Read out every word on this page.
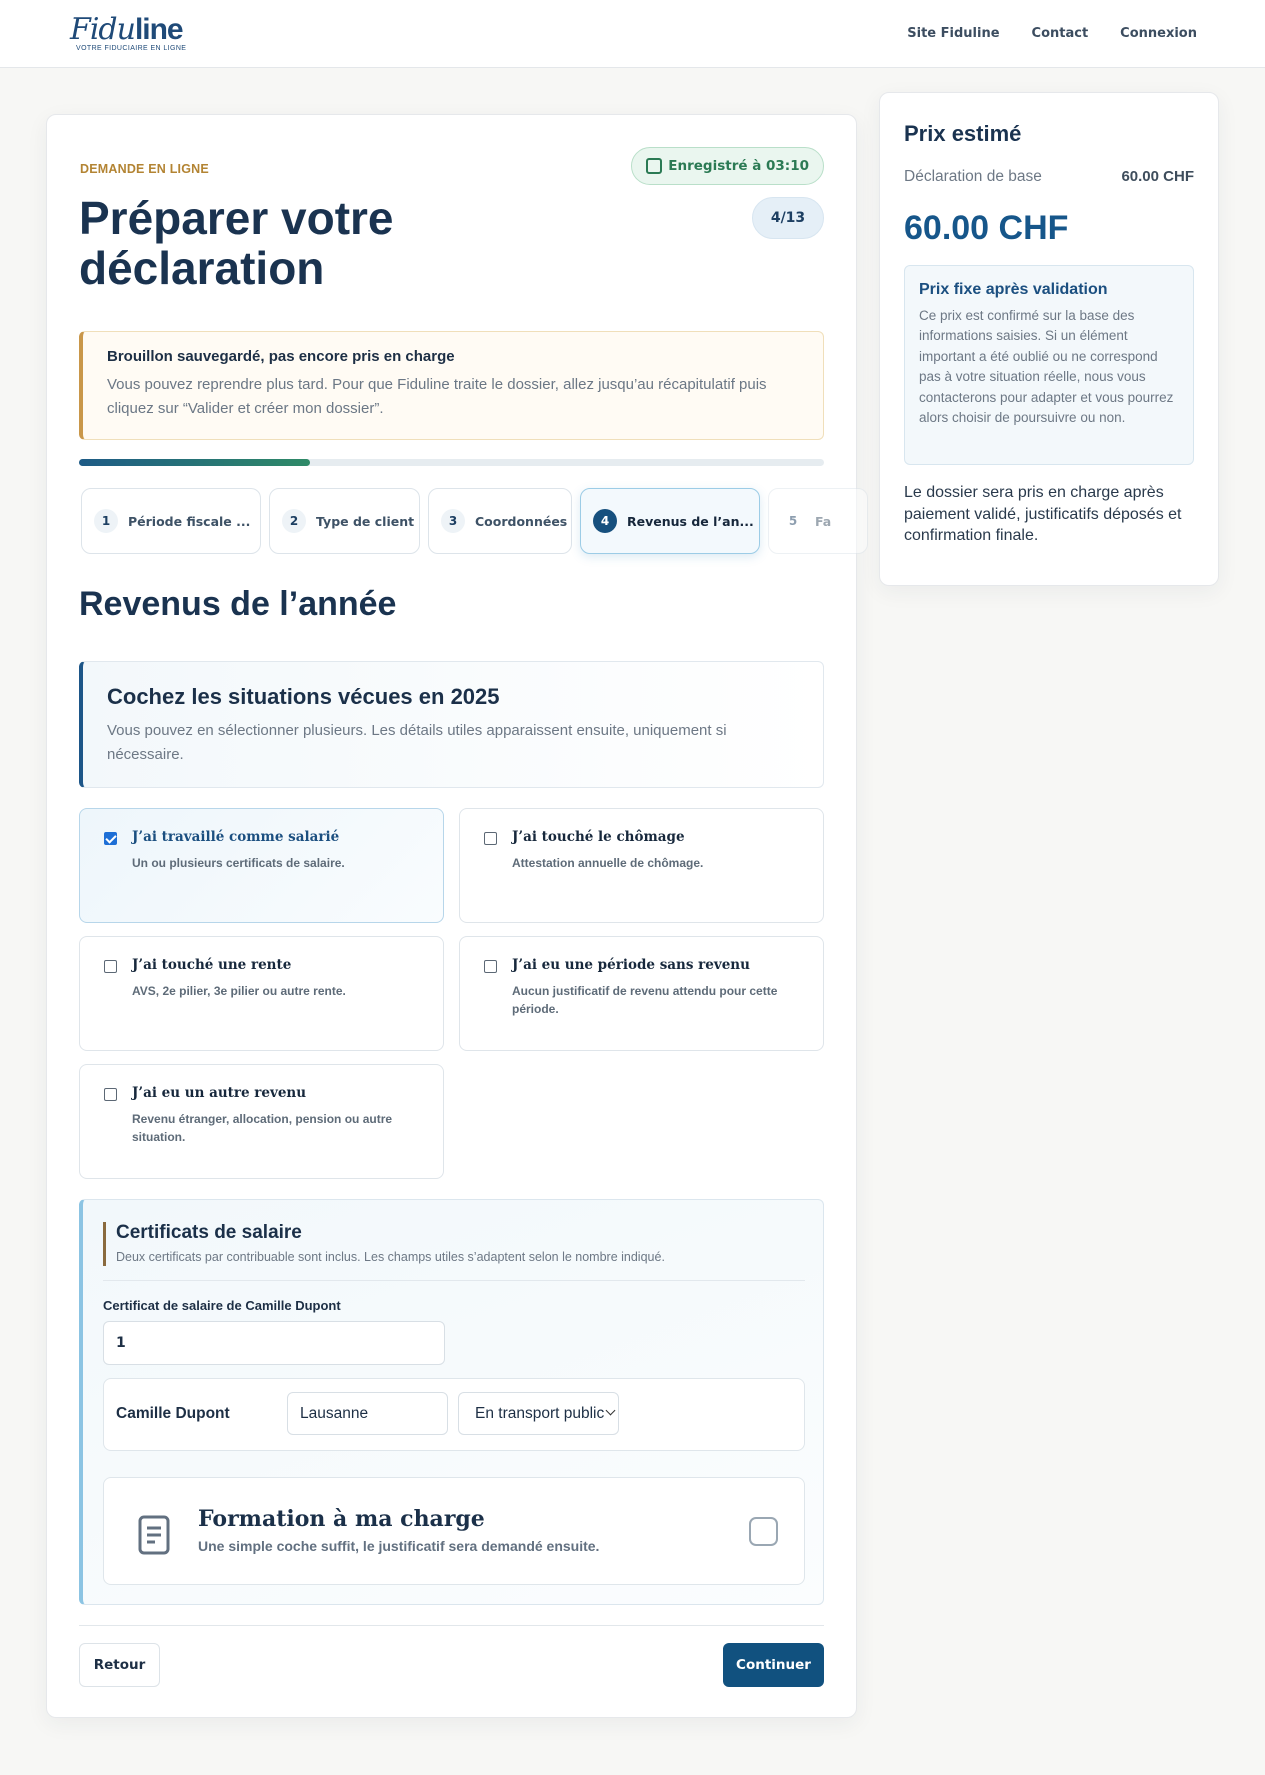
Fiduline
VOTRE FIDUCIAIRE EN LIGNE
Site Fiduline Contact Connexion
DEMANDE EN LIGNE	Enregistré à 03:10
4/13
Préparer votre déclaration
Brouillon sauvegardé, pas encore pris en charge
Vous pouvez reprendre plus tard. Pour que Fiduline traite le dossier, allez jusqu’au récapitulatif puis cliquez sur “Valider et créer mon dossier”.
1	Période fiscale ...	2	Type de client	3	Coordonnées	4	Revenus de l’an...	5	Fa
Revenus de l’année
Cochez les situations vécues en 2025
Vous pouvez en sélectionner plusieurs. Les détails utiles apparaissent ensuite, uniquement si nécessaire.
J’ai travaillé comme salarié
Un ou plusieurs certificats de salaire.
J’ai touché le chômage
Attestation annuelle de chômage.
J’ai touché une rente
AVS, 2e pilier, 3e pilier ou autre rente.
J’ai eu une période sans revenu
Aucun justificatif de revenu attendu pour cette période.
J’ai eu un autre revenu
Revenu étranger, allocation, pension ou autre situation.
Certificats de salaire
Deux certificats par contribuable sont inclus. Les champs utiles s’adaptent selon le nombre indiqué.
Certificat de salaire de Camille Dupont
1
Camille Dupont	Lausanne	En transport public
Formation à ma charge
Une simple coche suffit, le justificatif sera demandé ensuite.
Retour	Continuer
Prix estimé
Déclaration de base	60.00 CHF
60.00 CHF
Prix fixe après validation
Ce prix est confirmé sur la base des informations saisies. Si un élément important a été oublié ou ne correspond pas à votre situation réelle, nous vous contacterons pour adapter et vous pourrez alors choisir de poursuivre ou non.
Le dossier sera pris en charge après paiement validé, justificatifs déposés et confirmation finale.
